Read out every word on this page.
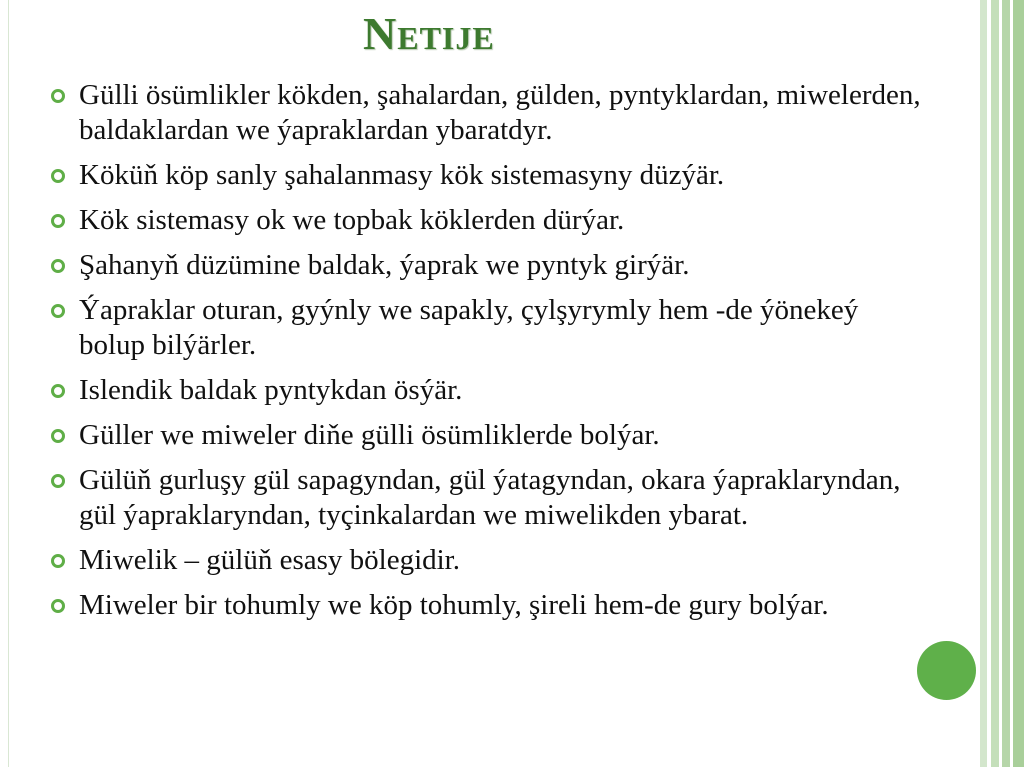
Netije
Gülli ösümlikler kökden, şahalardan, gülden, pyntyklardan, miwelerden, baldaklardan we ýapraklardan ybaratdyr.
Köküň köp sanly şahalanmasy kök sistemasyny düzýär.
Kök sistemasy ok we topbak köklerden dürýar.
Şahanyň düzümine baldak, ýaprak we pyntyk girýär.
Ýapraklar oturan, gyýnly we sapakly, çylşyrymly hem -de ýönekeý bolup bilýärler.
Islendik baldak pyntykdan ösýär.
Güller we miweler diňe gülli ösümliklerde bolýar.
Gülüň gurluşy gül sapagyndan, gül ýatagyndan, okara ýapraklaryndan, gül ýapraklaryndan, tyçinkalardan we miwelikden ybarat.
Miwelik – gülüň esasy bölegidir.
Miweler bir tohumly we köp tohumly, şireli hem-de gury bolýar.
